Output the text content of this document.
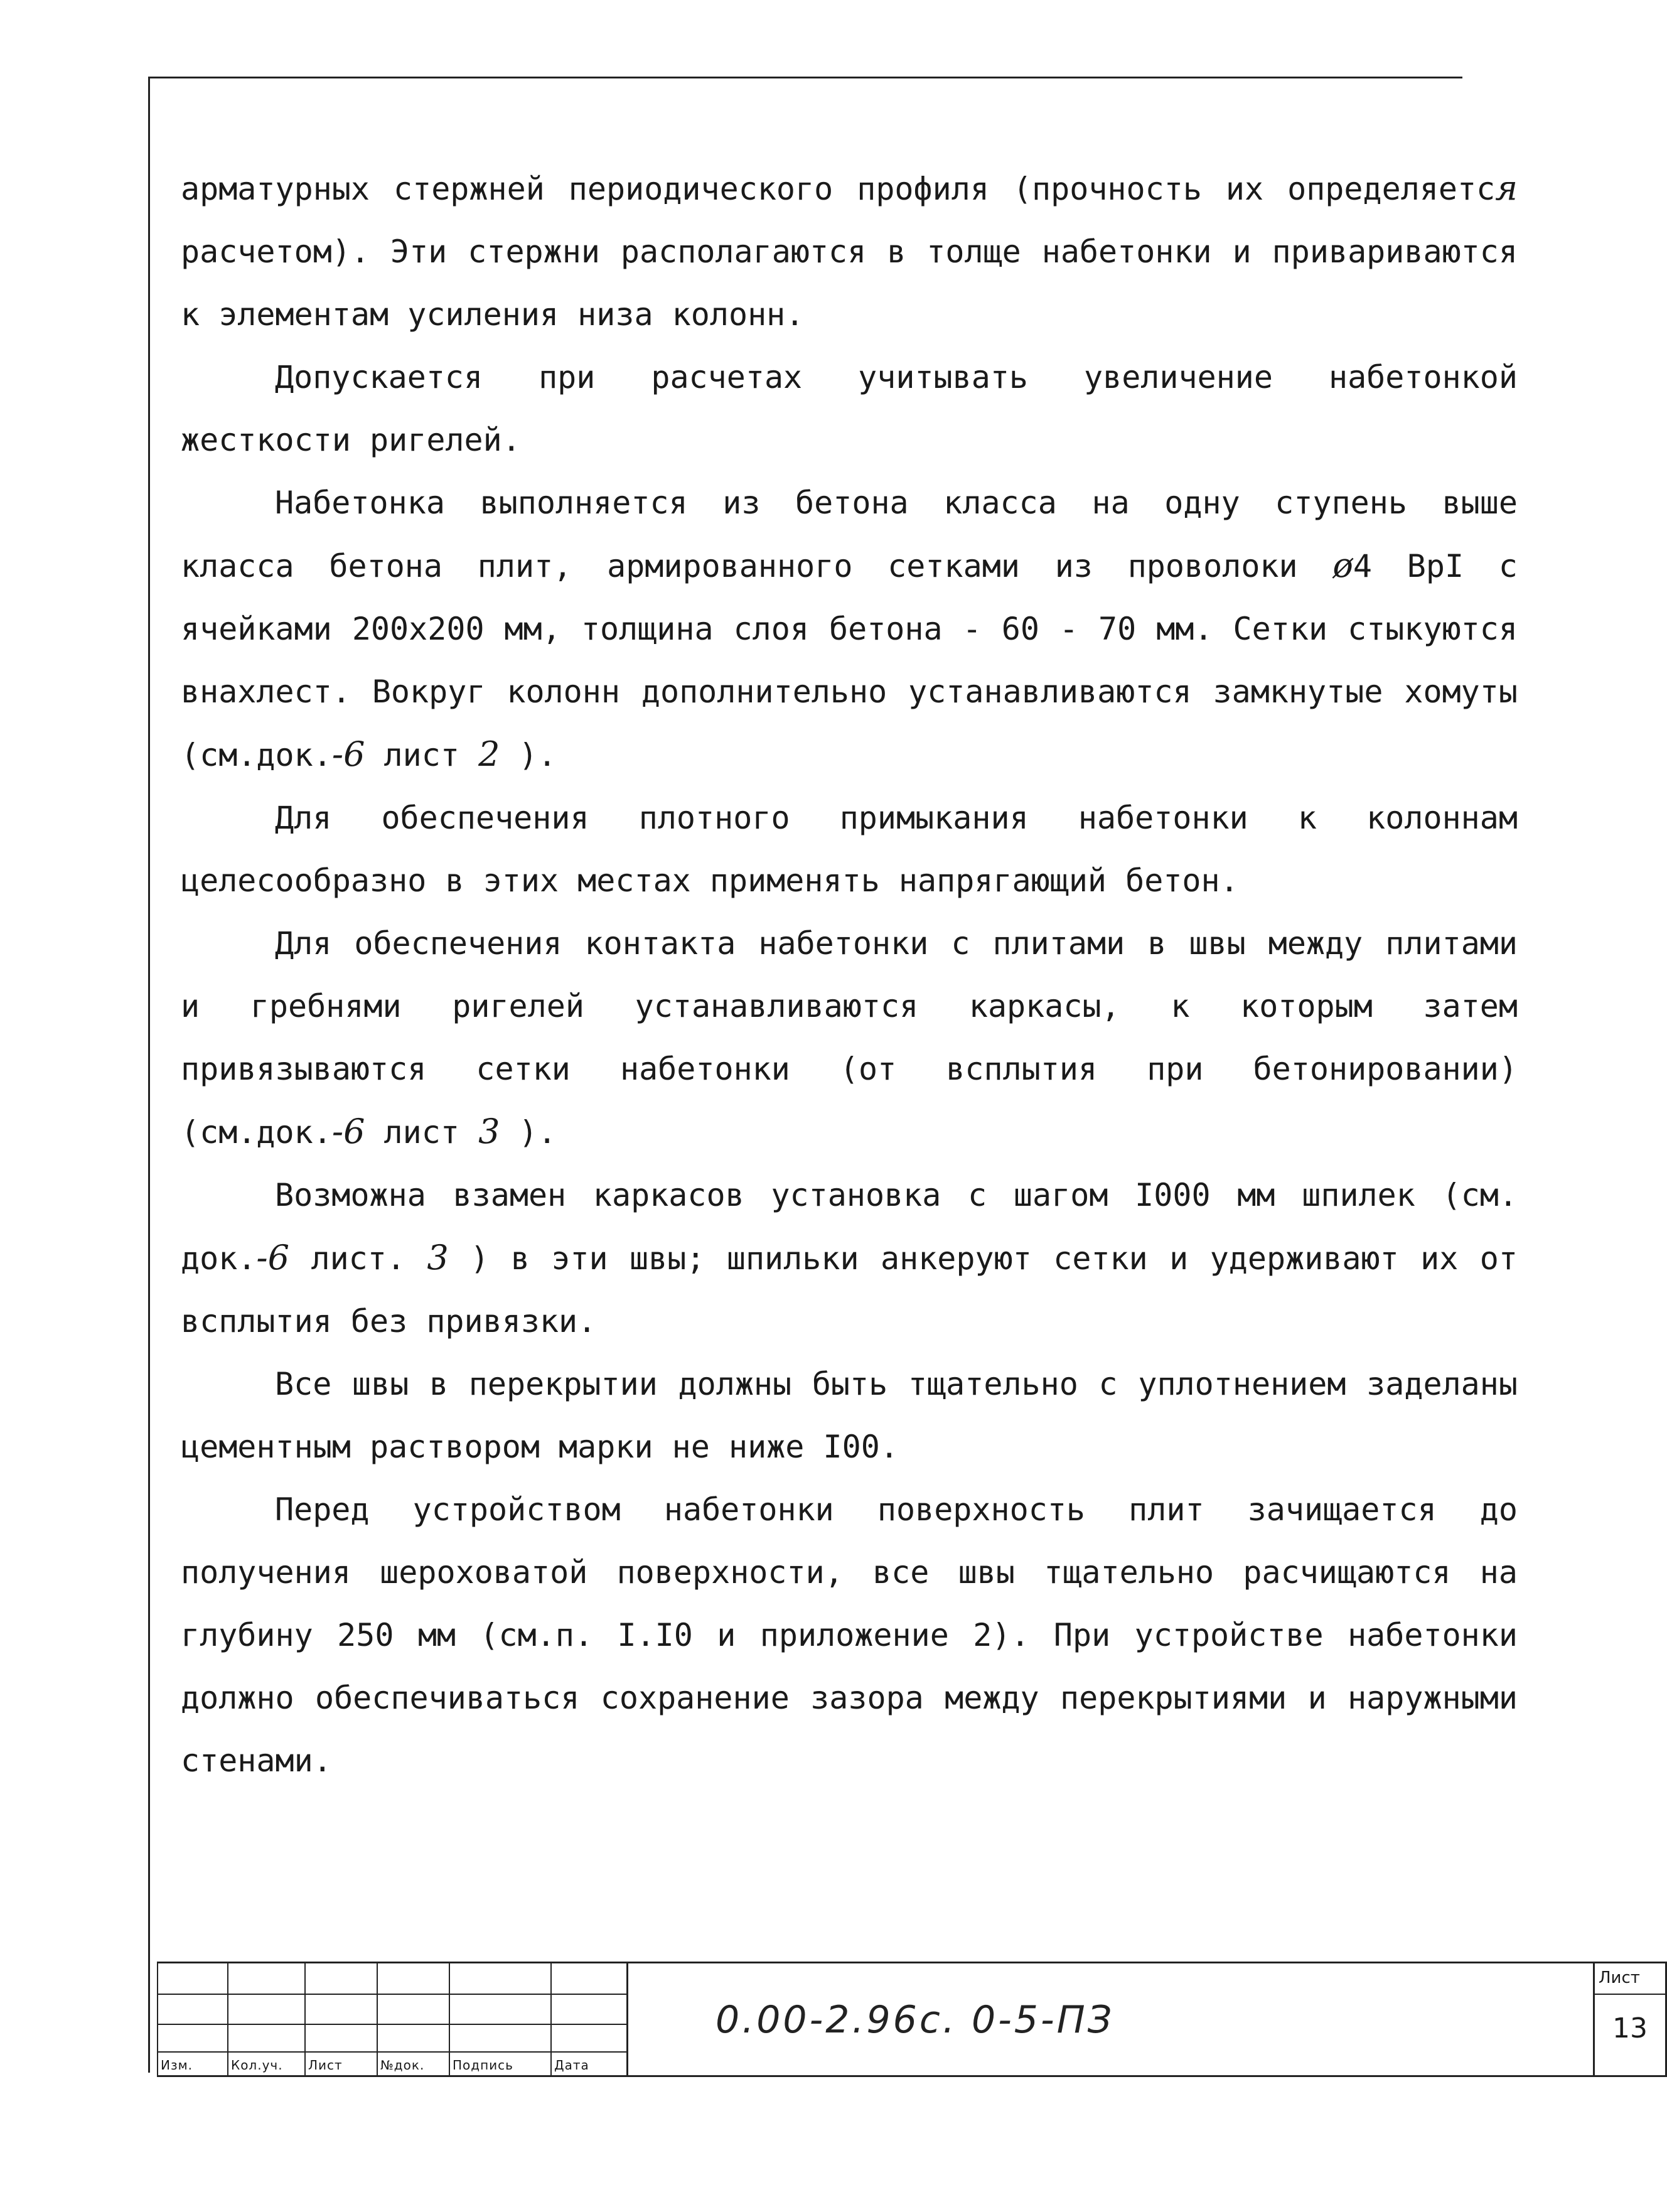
арматурных стержней периодического профиля (прочность их определяется расчетом). Эти стержни располагаются в толще набетонки и привариваются к элементам усиления низа колонн.

Допускается при расчетах учитывать увеличение набетонкой жесткости ригелей.

Набетонка выполняется из бетона класса на одну ступень выше класса бетона плит, армированного сетками из проволоки ø4 BpI с ячейками 200х200 мм, толщина слоя бетона - 60 - 70 мм. Сетки стыкуются внахлест. Вокруг колонн дополнительно устанавливаются замкнутые хомуты (см.док.-6 лист 2 ).

Для обеспечения плотного примыкания набетонки к колоннам целесообразно в этих местах применять напрягающий бетон.

Для обеспечения контакта набетонки с плитами в швы между плитами и гребнями ригелей устанавливаются каркасы, к которым затем привязываются сетки набетонки (от всплытия при бетонировании) (см.док.-6 лист 3 ).

Возможна взамен каркасов установка с шагом I000 мм шпилек (см. док.-6 лист. 3 ) в эти швы; шпильки анкеруют сетки и удерживают их от всплытия без привязки.

Все швы в перекрытии должны быть тщательно с уплотнением заделаны цементным раствором марки не ниже I00.

Перед устройством набетонки поверхность плит зачищается до получения шероховатой поверхности, все швы тщательно расчищаются на глубину 250 мм (см.п. I.I0 и приложение 2). При устройстве набетонки должно обеспечиваться сохранение зазора между перекрытиями и наружными стенами.

Изм.	Кол.уч. Лист	№док. Подпись	Дата
0.00-2.96с. 0-5-ПЗ
Лист
13
